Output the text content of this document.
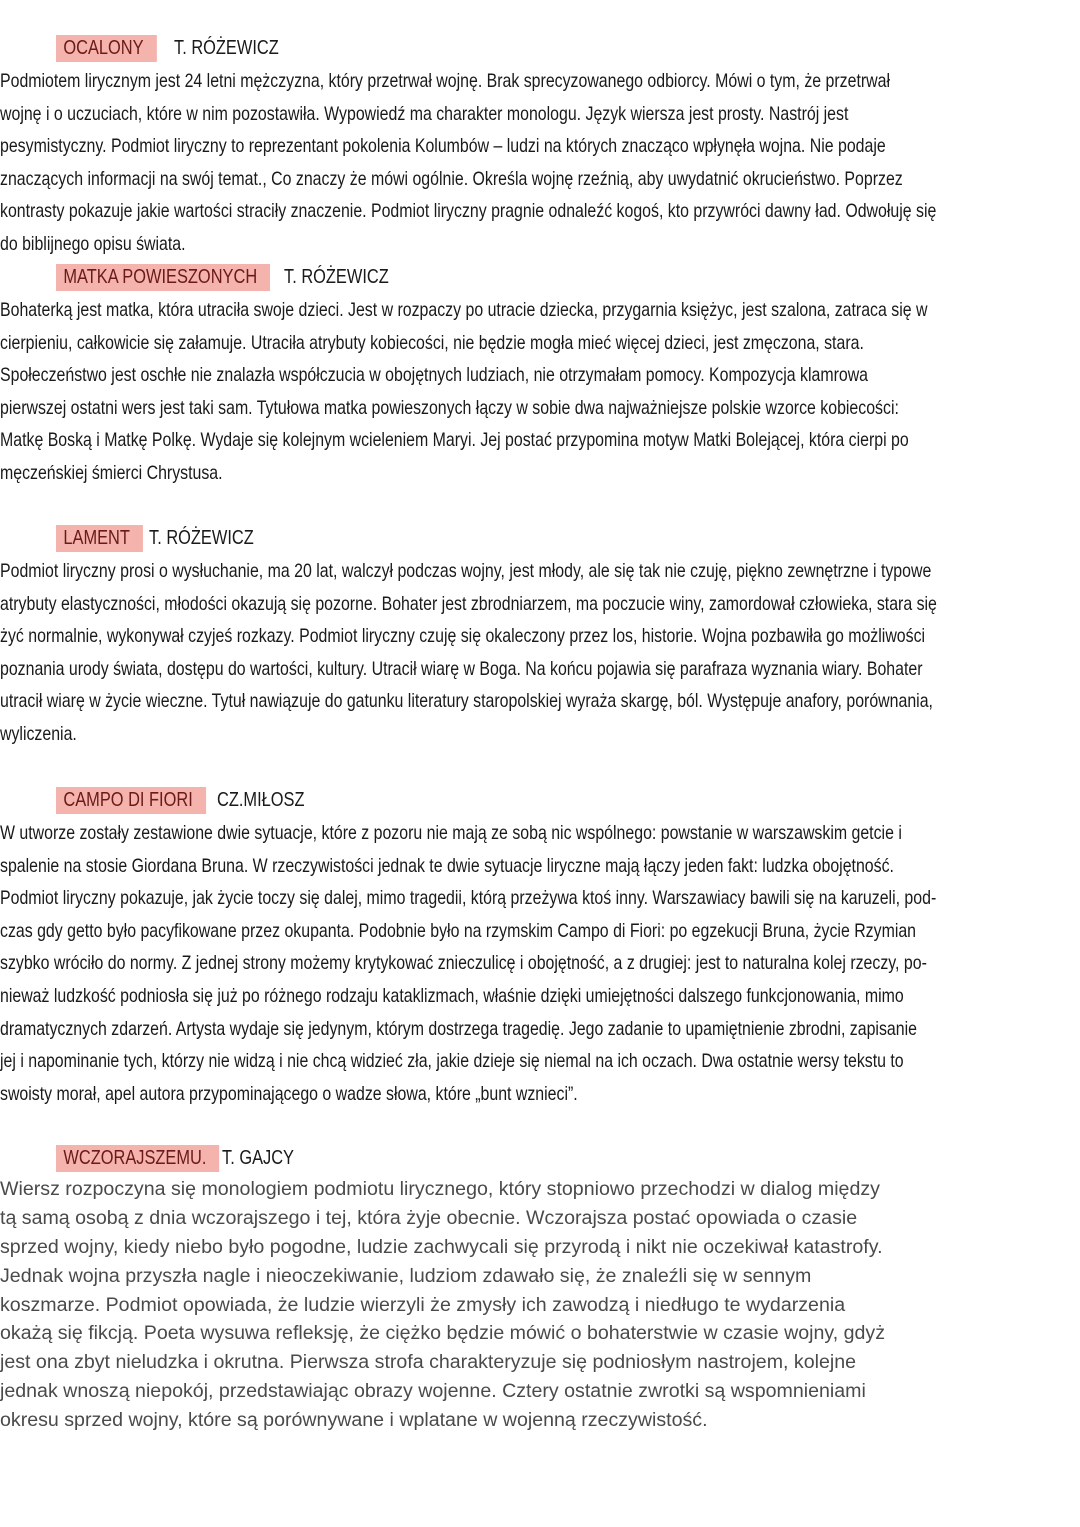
OCALONY	T. RÓŻEWICZ
Podmiotem lirycznym jest 24 letni mężczyzna, który przetrwał wojnę. Brak sprecyzowanego odbiorcy. Mówi o tym, że przetrwał
wojnę i o uczuciach, które w nim pozostawiła. Wypowiedź ma charakter monologu. Język wiersza jest prosty. Nastrój jest
pesymistyczny. Podmiot liryczny to reprezentant pokolenia Kolumbów – ludzi na których znacząco wpłynęła wojna. Nie podaje
znaczących informacji na swój temat., Co znaczy że mówi ogólnie. Określa wojnę rzeźnią, aby uwydatnić okrucieństwo. Poprzez
kontrasty pokazuje jakie wartości straciły znaczenie. Podmiot liryczny pragnie odnaleźć kogoś, kto przywróci dawny ład. Odwołuję się
do biblijnego opisu świata.
MATKA POWIESZONYCH	T. RÓŻEWICZ
Bohaterką jest matka, która utraciła swoje dzieci. Jest w rozpaczy po utracie dziecka, przygarnia księżyc, jest szalona, zatraca się w
cierpieniu, całkowicie się załamuje. Utraciła atrybuty kobiecości, nie będzie mogła mieć więcej dzieci, jest zmęczona, stara.
Społeczeństwo jest oschłe nie znalazła współczucia w obojętnych ludziach, nie otrzymałam pomocy. Kompozycja klamrowa
pierwszej ostatni wers jest taki sam. Tytułowa matka powieszonych łączy w sobie dwa najważniejsze polskie wzorce kobiecości:
Matkę Boską i Matkę Polkę. Wydaje się kolejnym wcieleniem Maryi. Jej postać przypomina motyw Matki Bolejącej, która cierpi po
męczeńskiej śmierci Chrystusa.
LAMENT T. RÓŻEWICZ
Podmiot liryczny prosi o wysłuchanie, ma 20 lat, walczył podczas wojny, jest młody, ale się tak nie czuję, piękno zewnętrzne i typowe
atrybuty elastyczności, młodości okazują się pozorne. Bohater jest zbrodniarzem, ma poczucie winy, zamordował człowieka, stara się
żyć normalnie, wykonywał czyjeś rozkazy. Podmiot liryczny czuję się okaleczony przez los, historie. Wojna pozbawiła go możliwości
poznania urody świata, dostępu do wartości, kultury. Utracił wiarę w Boga. Na końcu pojawia się parafraza wyznania wiary. Bohater
utracił wiarę w życie wieczne. Tytuł nawiązuje do gatunku literatury staropolskiej wyraża skargę, ból. Występuje anafory, porównania,
wyliczenia.
CAMPO DI FIORI	CZ.MIŁOSZ
W utworze zostały zestawione dwie sytuacje, które z pozoru nie mają ze sobą nic wspólnego: powstanie w warszawskim getcie i
spalenie na stosie Giordana Bruna. W rzeczywistości jednak te dwie sytuacje liryczne mają łączy jeden fakt: ludzka obojętność.
Podmiot liryczny pokazuje, jak życie toczy się dalej, mimo tragedii, którą przeżywa ktoś inny. Warszawiacy bawili się na karuzeli, pod-
czas gdy getto było pacyfikowane przez okupanta. Podobnie było na rzymskim Campo di Fiori: po egzekucji Bruna, życie Rzymian
szybko wróciło do normy. Z jednej strony możemy krytykować znieczulicę i obojętność, a z drugiej: jest to naturalna kolej rzeczy, po-
nieważ ludzkość podniosła się już po różnego rodzaju kataklizmach, właśnie dzięki umiejętności dalszego funkcjonowania, mimo
dramatycznych zdarzeń. Artysta wydaje się jedynym, którym dostrzega tragedię. Jego zadanie to upamiętnienie zbrodni, zapisanie
jej i napominanie tych, którzy nie widzą i nie chcą widzieć zła, jakie dzieje się niemal na ich oczach. Dwa ostatnie wersy tekstu to
swoisty morał, apel autora przypominającego o wadze słowa, które „bunt wznieci”.
WCZORAJSZEMU. T. GAJCY
Wiersz rozpoczyna się monologiem podmiotu lirycznego, który stopniowo przechodzi w dialog między
tą samą osobą z dnia wczorajszego i tej, która żyje obecnie. Wczorajsza postać opowiada o czasie
sprzed wojny, kiedy niebo było pogodne, ludzie zachwycali się przyrodą i nikt nie oczekiwał katastrofy.
Jednak wojna przyszła nagle i nieoczekiwanie, ludziom zdawało się, że znaleźli się w sennym
koszmarze. Podmiot opowiada, że ludzie wierzyli że zmysły ich zawodzą i niedługo te wydarzenia
okażą się fikcją. Poeta wysuwa refleksję, że ciężko będzie mówić o bohaterstwie w czasie wojny, gdyż
jest ona zbyt nieludzka i okrutna. Pierwsza strofa charakteryzuje się podniosłym nastrojem, kolejne
jednak wnoszą niepokój, przedstawiając obrazy wojenne. Cztery ostatnie zwrotki są wspomnieniami
okresu sprzed wojny, które są porównywane i wplatane w wojenną rzeczywistość.
